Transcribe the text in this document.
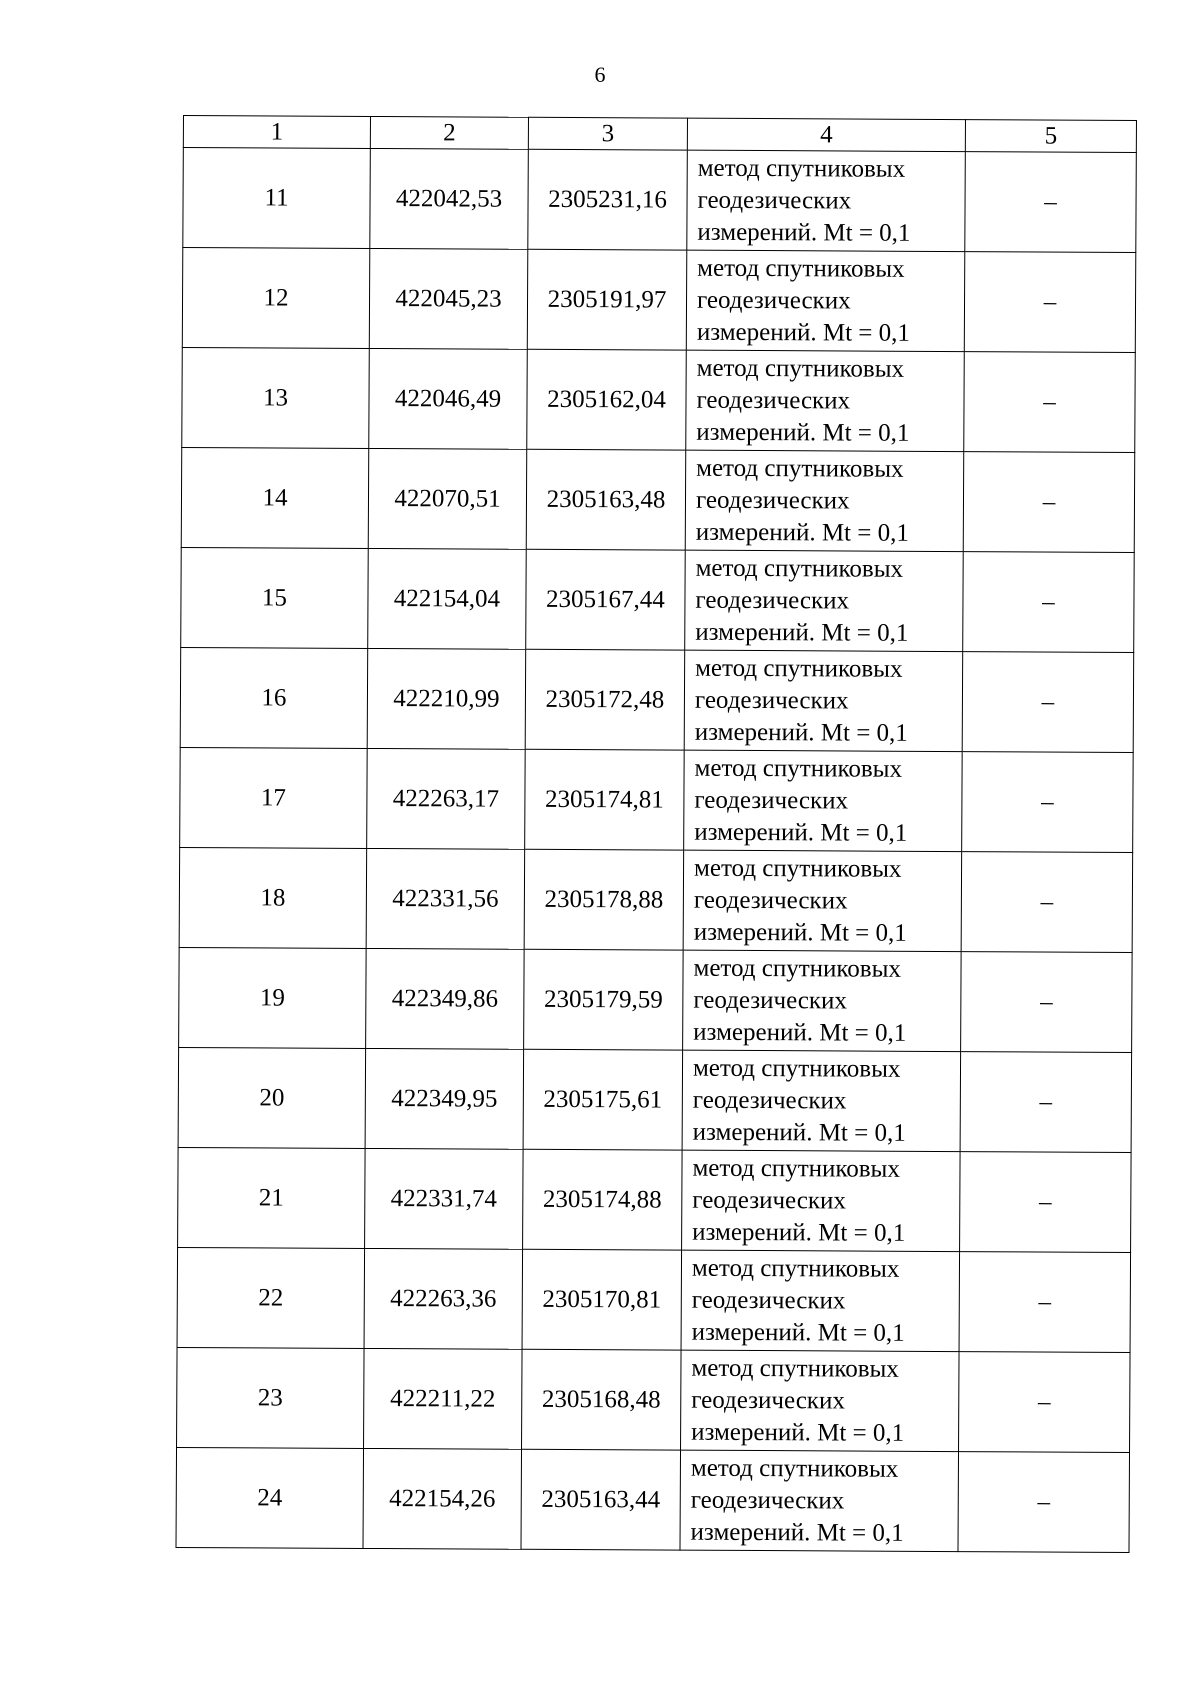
6
1	2	3	4	5
11	422042,53	2305231,16	метод спутниковых
геодезических
измерений. Mt = 0,1	–
12	422045,23	2305191,97	метод спутниковых
геодезических
измерений. Mt = 0,1	–
13	422046,49	2305162,04	метод спутниковых
геодезических
измерений. Mt = 0,1	–
14	422070,51	2305163,48	метод спутниковых
геодезических
измерений. Mt = 0,1	–
15	422154,04	2305167,44	метод спутниковых
геодезических
измерений. Mt = 0,1	–
16	422210,99	2305172,48	метод спутниковых
геодезических
измерений. Mt = 0,1	–
17	422263,17	2305174,81	метод спутниковых
геодезических
измерений. Mt = 0,1	–
18	422331,56	2305178,88	метод спутниковых
геодезических
измерений. Mt = 0,1	–
19	422349,86	2305179,59	метод спутниковых
геодезических
измерений. Mt = 0,1	–
20	422349,95	2305175,61	метод спутниковых
геодезических
измерений. Mt = 0,1	–
21	422331,74	2305174,88	метод спутниковых
геодезических
измерений. Mt = 0,1	–
22	422263,36	2305170,81	метод спутниковых
геодезических
измерений. Mt = 0,1	–
23	422211,22	2305168,48	метод спутниковых
геодезических
измерений. Mt = 0,1	–
24	422154,26	2305163,44	метод спутниковых
геодезических
измерений. Mt = 0,1	–
